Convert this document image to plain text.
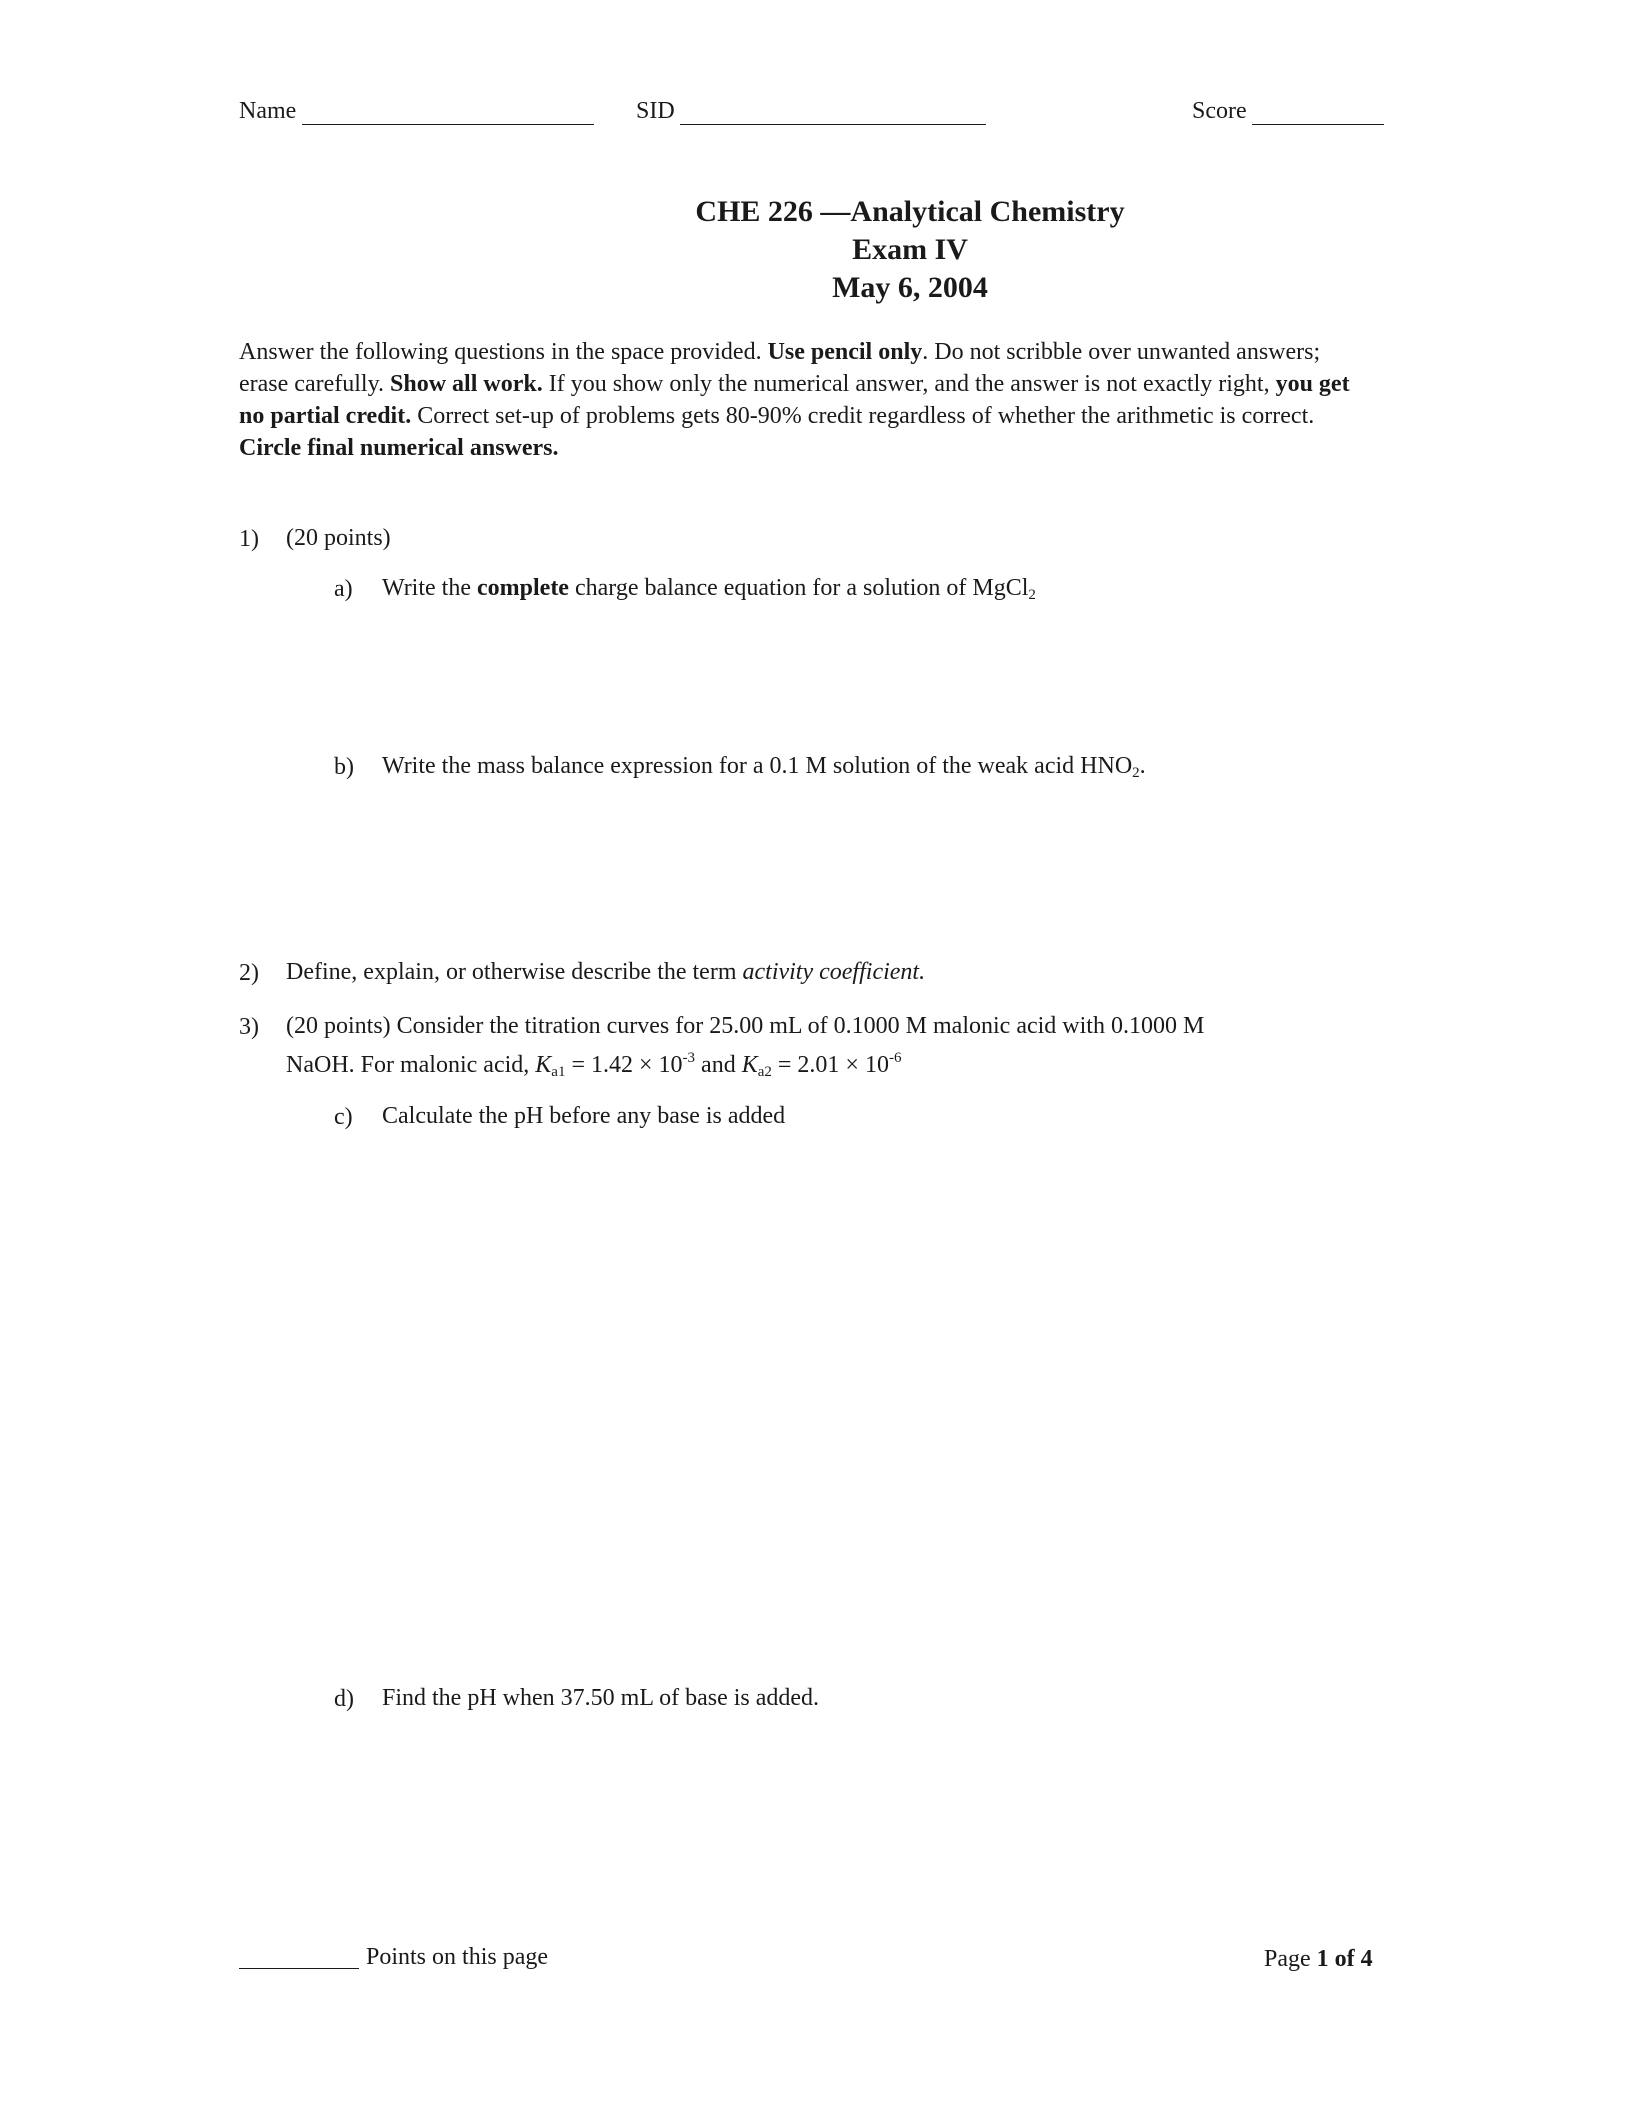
Name	SID	Score
CHE 226 —Analytical Chemistry
Exam IV
May 6, 2004
Answer the following questions in the space provided. Use pencil only. Do not scribble over unwanted answers; erase carefully. Show all work. If you show only the numerical answer, and the answer is not exactly right, you get no partial credit. Correct set-up of problems gets 80-90% credit regardless of whether the arithmetic is correct. Circle final numerical answers.
1) (20 points)
a) Write the complete charge balance equation for a solution of MgCl$_2$
b) Write the mass balance expression for a 0.1 M solution of the weak acid $HNO_2$.
2) Define, explain, or otherwise describe the term activity coefficient.
3) (20 points) Consider the titration curves for 25.00 mL of 0.1000 M malonic acid with 0.1000 M
NaOH. For malonic acid, $K_{a1} = 1.42 \times 10^{-3}$ and $K_{a2} = 2.01 \times 10^{-6}$
c) Calculate the pH before any base is added
d) Find the pH when 37.50 mL of base is added.
Points on this page	Page 1 of 4
